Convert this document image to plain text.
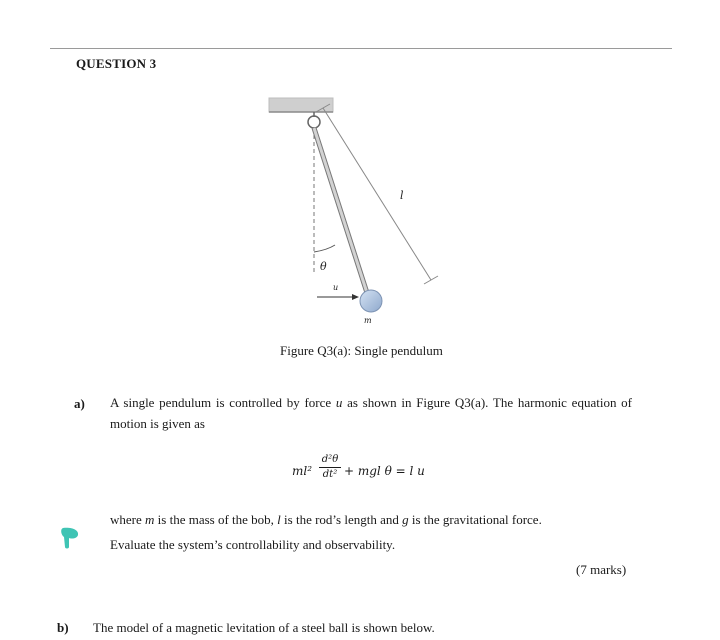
QUESTION 3
l
θ
u
m
Figure Q3(a): Single pendulum
a) A single pendulum is controlled by force u as shown in Figure Q3(a). The harmonic equation of motion is given as
ml²
d²θ
dt² + mgl θ = l u
where m is the mass of the bob, l is the rod’s length and g is the gravitational force.
Evaluate the system’s controllability and observability.
(7 marks)
b) The model of a magnetic levitation of a steel ball is shown below.
